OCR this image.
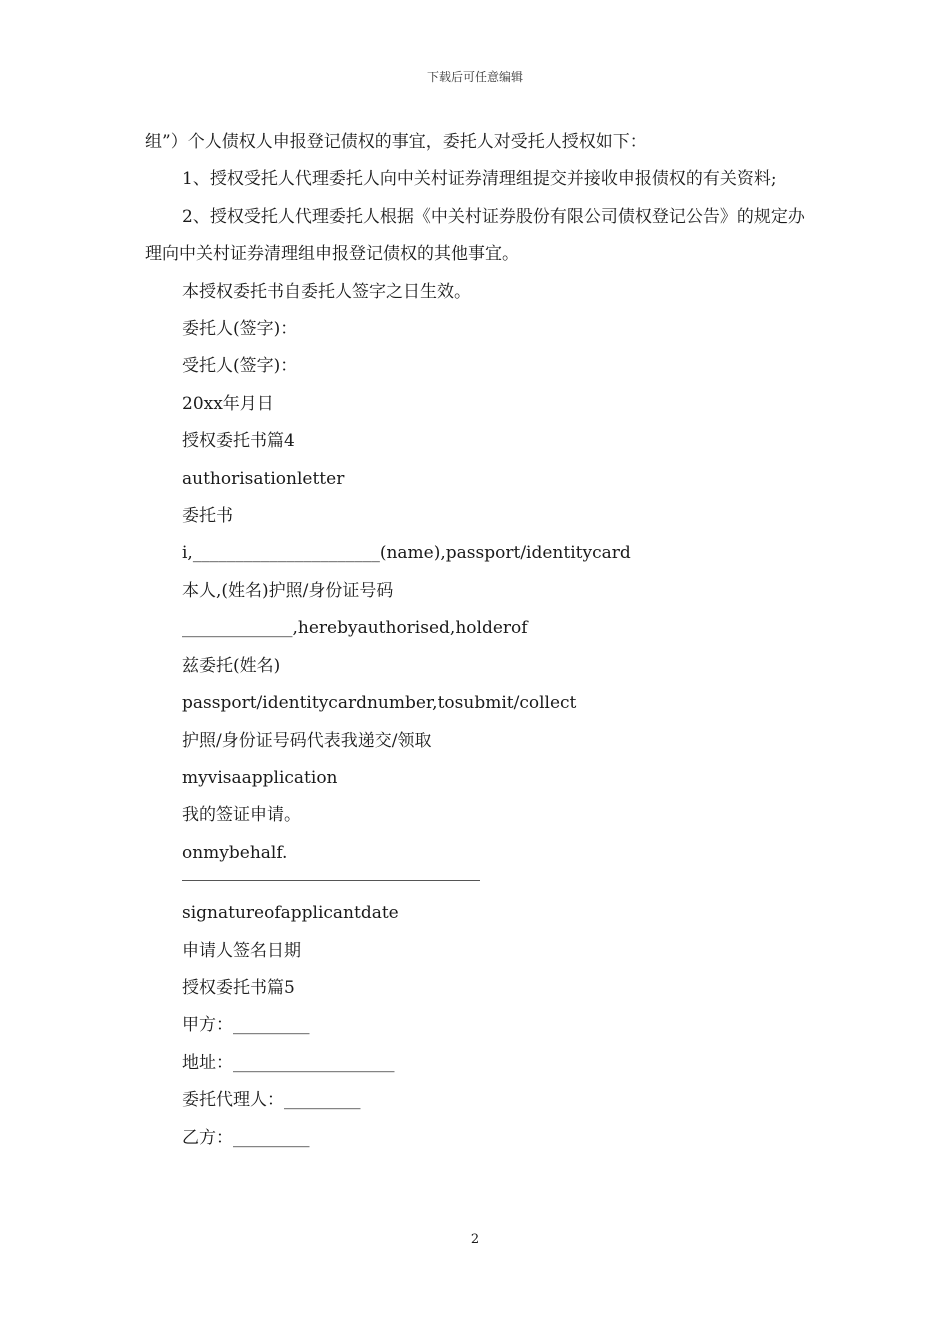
下载后可任意编辑

组”）个人债权人申报登记债权的事宜，委托人对受托人授权如下：

1、授权受托人代理委托人向中关村证券清理组提交并接收申报债权的有关资料;

2、授权受托人代理委托人根据《中关村证券股份有限公司债权登记公告》的规定办理向中关村证券清理组申报登记债权的其他事宜。

本授权委托书自委托人签字之日生效。

委托人(签字)：

受托人(签字)：

20xx年月日

授权委托书篇4

authorisationletter

委托书

i,______________________(name),passport/identitycard

本人,(姓名)护照/身份证号码

_____________,herebyauthorised,holderof

兹委托(姓名)

passport/identitycardnumber,tosubmit/collect

护照/身份证号码代表我递交/领取

myvisaapplication

我的签证申请。

onmybehalf.

signatureofapplicantdate

申请人签名日期

授权委托书篇5

甲方：_________

地址：___________________

委托代理人：_________

乙方：_________

2
